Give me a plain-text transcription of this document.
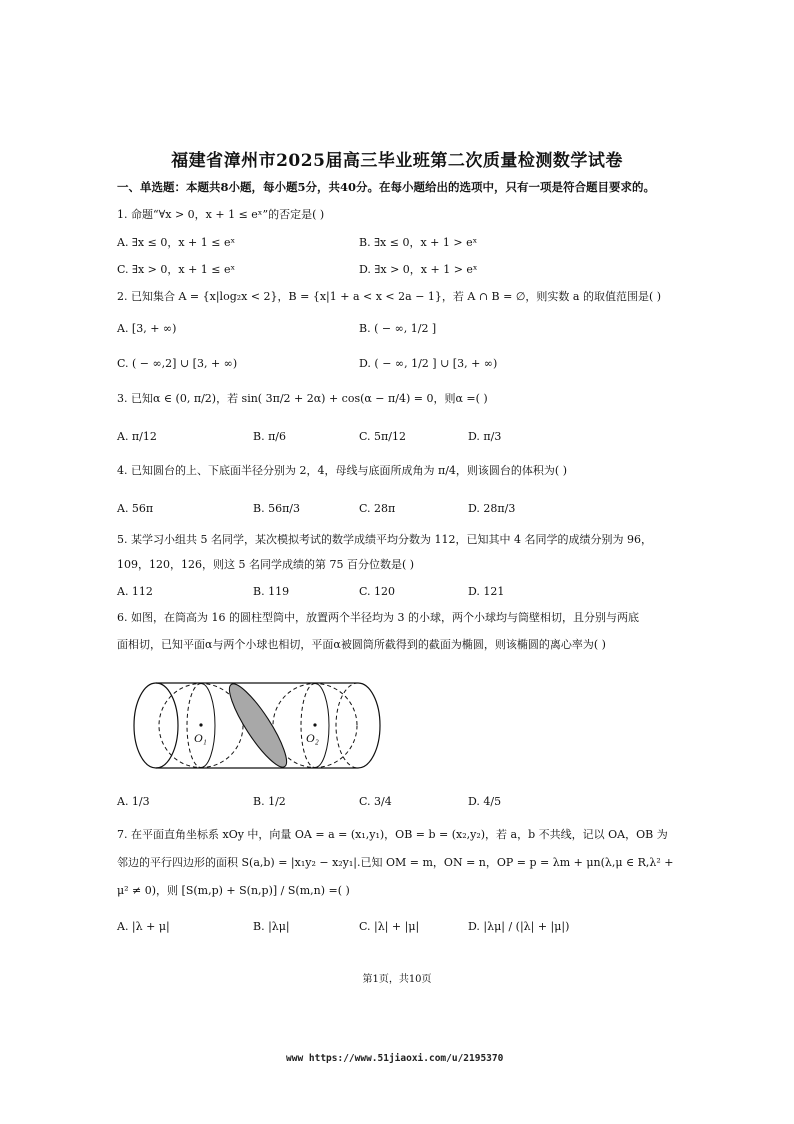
福建省漳州市2025届高三毕业班第二次质量检测数学试卷
一、单选题：本题共8小题，每小题5分，共40分。在每小题给出的选项中，只有一项是符合题目要求的。
1. 命题“∀x > 0，x + 1 ≤ eˣ”的否定是( )
A. ∃x ≤ 0，x + 1 ≤ eˣ	B. ∃x ≤ 0，x + 1 > eˣ
C. ∃x > 0，x + 1 ≤ eˣ	D. ∃x > 0，x + 1 > eˣ
2. 已知集合 A = {x|log₂x < 2}，B = {x|1 + a < x < 2a − 1}，若 A ∩ B = ∅，则实数 a 的取值范围是( )
A. [3, + ∞)	B. ( − ∞, 1/2 ]
C. ( − ∞,2] ∪ [3, + ∞)	D. ( − ∞, 1/2 ] ∪ [3, + ∞)
3. 已知α ∈ (0, π/2)，若 sin( 3π/2 + 2α) + cos(α − π/4) = 0，则α =( )
A. π/12	B. π/6	C. 5π/12	D. π/3
4. 已知圆台的上、下底面半径分别为 2，4，母线与底面所成角为 π/4，则该圆台的体积为( )
A. 56π	B. 56π/3	C. 28π	D. 28π/3
5. 某学习小组共 5 名同学，某次模拟考试的数学成绩平均分数为 112，已知其中 4 名同学的成绩分别为 96，
109，120，126，则这 5 名同学成绩的第 75 百分位数是( )
A. 112	B. 119	C. 120	D. 121
6. 如图，在筒高为 16 的圆柱型筒中，放置两个半径均为 3 的小球，两个小球均与筒壁相切，且分别与两底
面相切，已知平面α与两个小球也相切，平面α被圆筒所截得到的截面为椭圆，则该椭圆的离心率为( )
O₁	O₂
A. 1/3	B. 1/2	C. 3/4	D. 4/5
7. 在平面直角坐标系 xOy 中，向量 OA = a = (x₁,y₁)，OB = b = (x₂,y₂)，若 a，b 不共线，记以 OA，OB 为
邻边的平行四边形的面积 S(a,b) = |x₁y₂ − x₂y₁|.已知 OM = m，ON = n，OP = p = λm + μn(λ,μ ∈ R,λ² +
μ² ≠ 0)，则 [S(m,p) + S(n,p)] / S(m,n) =( )
A. |λ + μ|	B. |λμ|	C. |λ| + |μ|	D. |λμ| / (|λ| + |μ|)
第1页，共10页
www https://www.51jiaoxi.com/u/2195370
